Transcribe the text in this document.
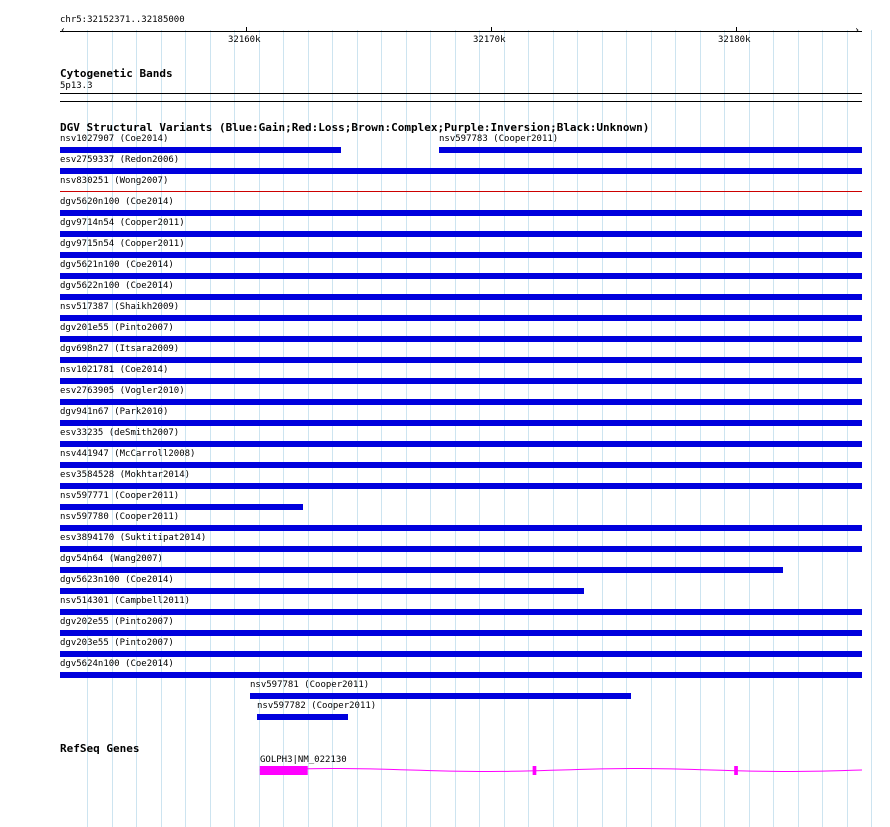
chr5:32152371..32185000
‹	›
32160k	32170k	32180k
Cytogenetic Bands
5p13.3
DGV Structural Variants (Blue:Gain;Red:Loss;Brown:Complex;Purple:Inversion;Black:Unknown)
nsv1027907 (Coe2014)	nsv597783 (Cooper2011)
esv2759337 (Redon2006)
nsv830251 (Wong2007)
dgv5620n100 (Coe2014)
dgv9714n54 (Cooper2011)
dgv9715n54 (Cooper2011)
dgv5621n100 (Coe2014)
dgv5622n100 (Coe2014)
nsv517387 (Shaikh2009)
dgv201e55 (Pinto2007)
dgv698n27 (Itsara2009)
nsv1021781 (Coe2014)
esv2763905 (Vogler2010)
dgv941n67 (Park2010)
esv33235 (deSmith2007)
nsv441947 (McCarroll2008)
esv3584528 (Mokhtar2014)
nsv597771 (Cooper2011)
nsv597780 (Cooper2011)
esv3894170 (Suktitipat2014)
dgv54n64 (Wang2007)
dgv5623n100 (Coe2014)
nsv514301 (Campbell2011)
dgv202e55 (Pinto2007)
dgv203e55 (Pinto2007)
dgv5624n100 (Coe2014)
nsv597781 (Cooper2011)
nsv597782 (Cooper2011)
RefSeq Genes
GOLPH3|NM_022130
